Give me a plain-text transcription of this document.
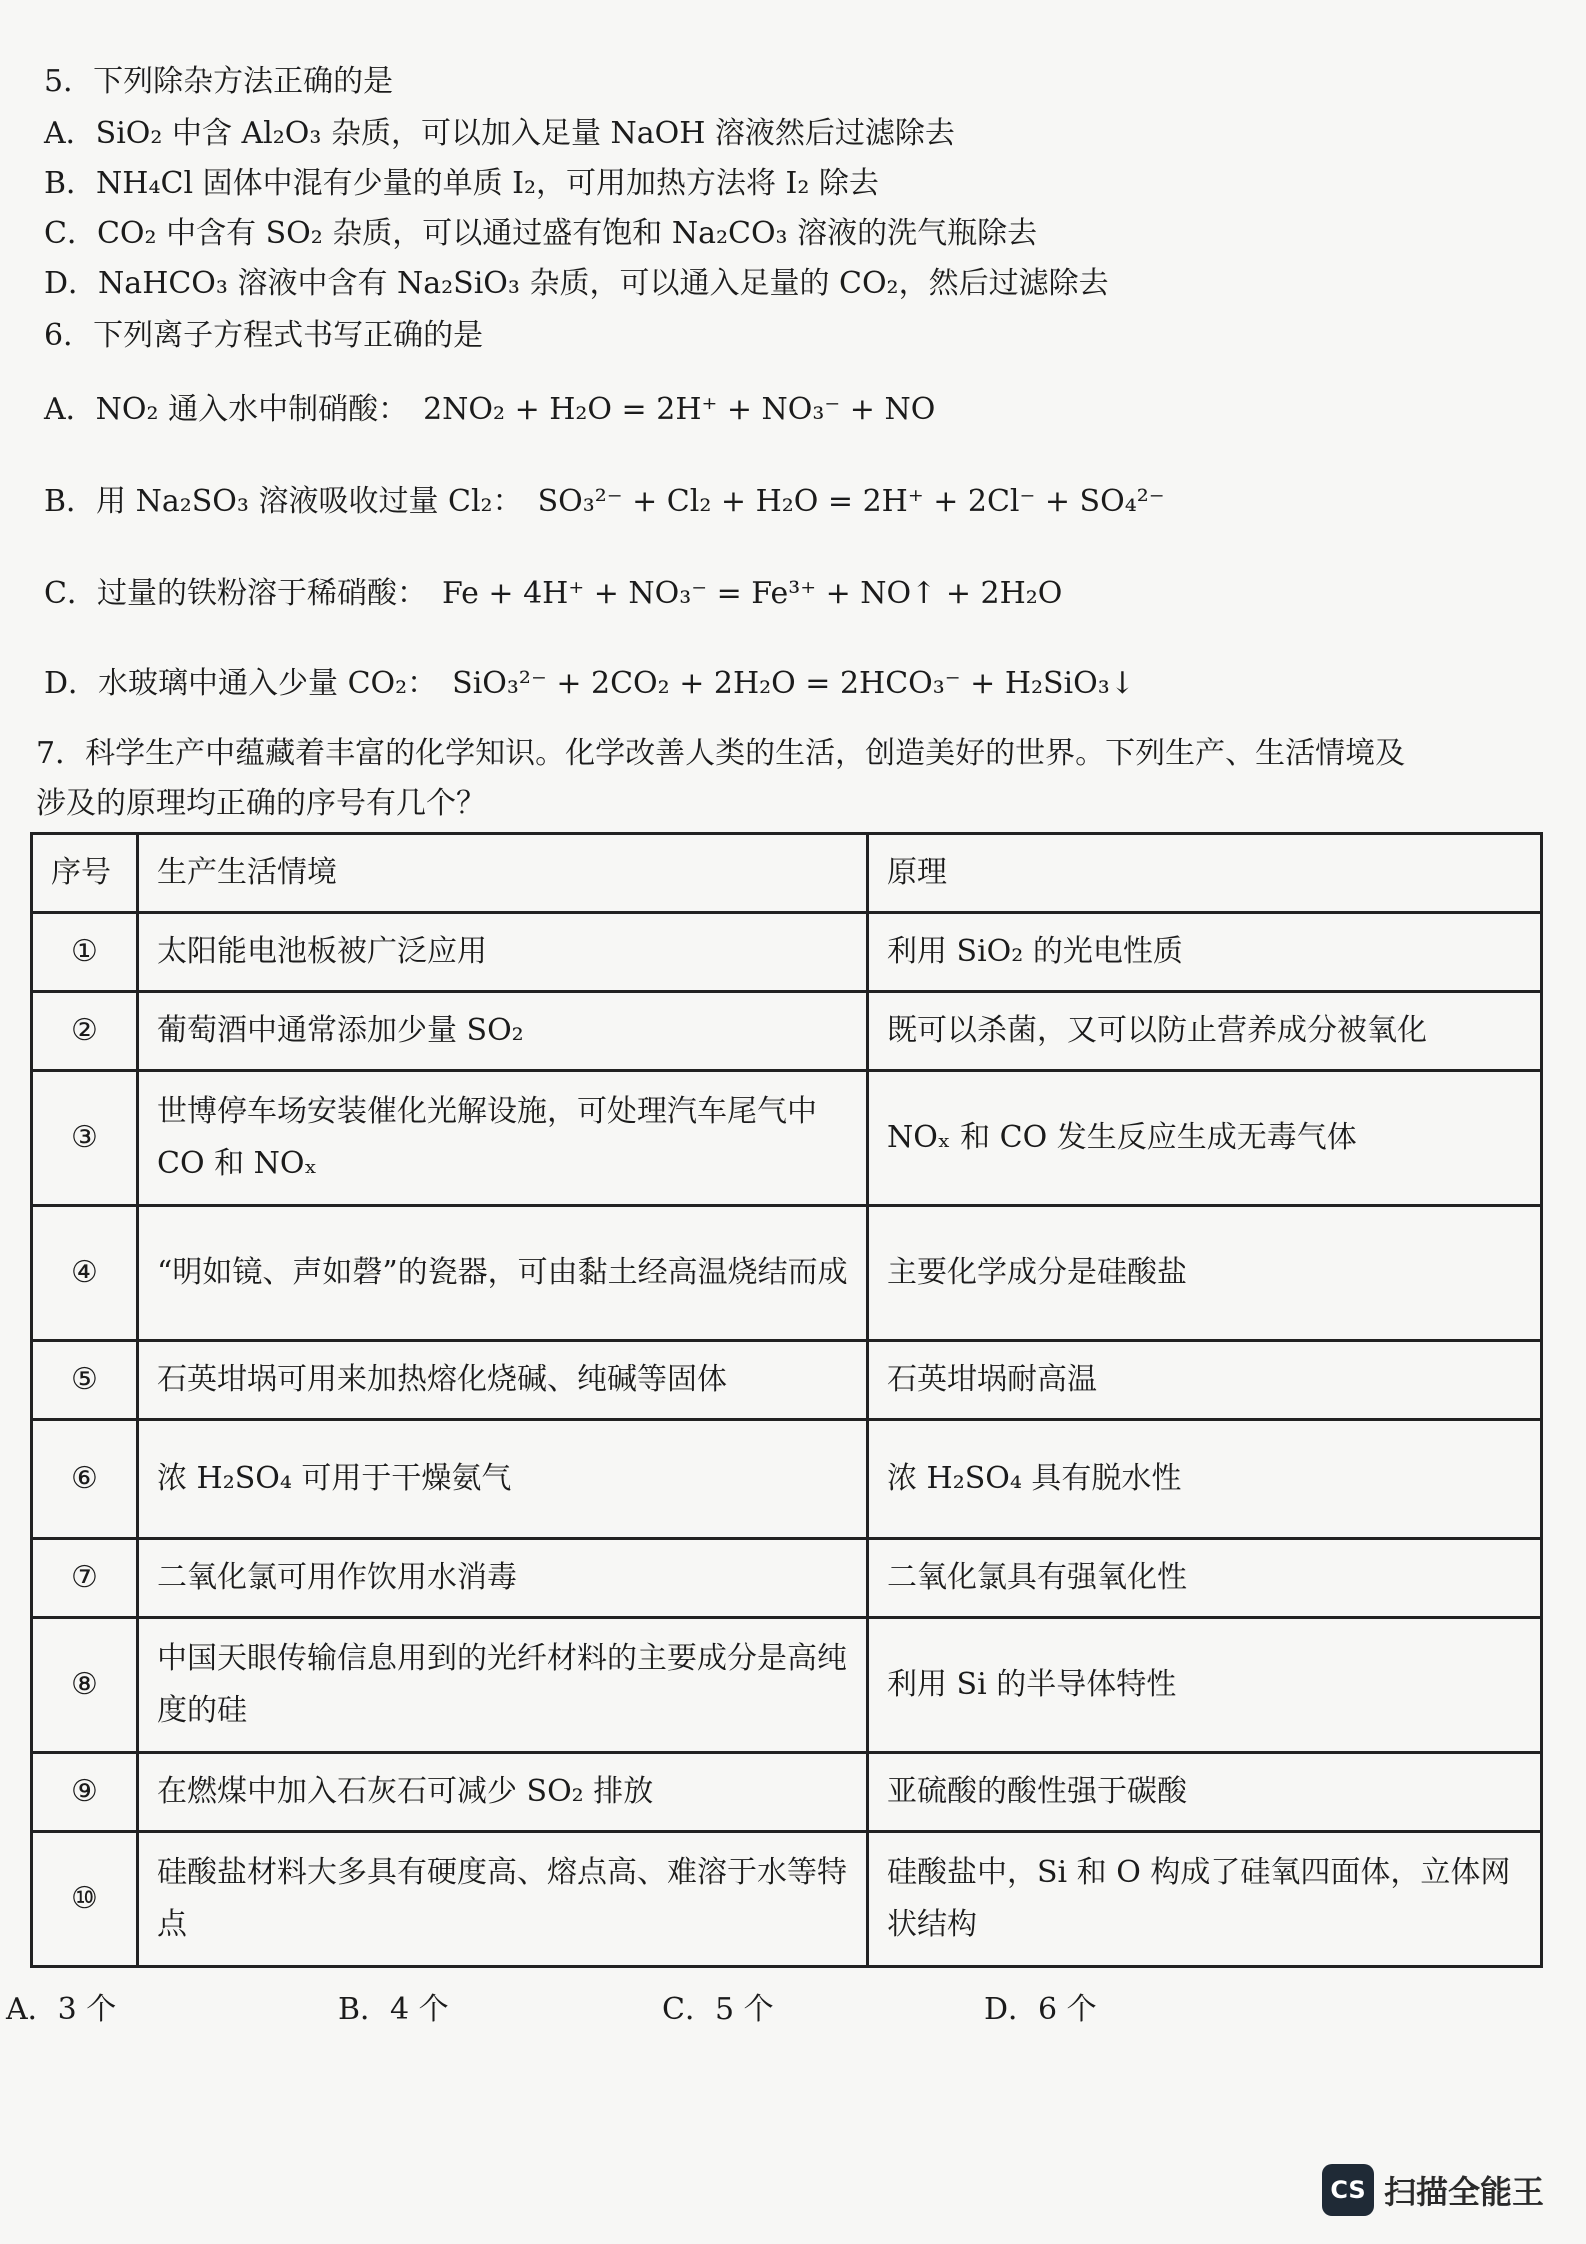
5．下列除杂方法正确的是
A．SiO₂ 中含 Al₂O₃ 杂质，可以加入足量 NaOH 溶液然后过滤除去
B．NH₄Cl 固体中混有少量的单质 I₂，可用加热方法将 I₂ 除去
C．CO₂ 中含有 SO₂ 杂质，可以通过盛有饱和 Na₂CO₃ 溶液的洗气瓶除去
D．NaHCO₃ 溶液中含有 Na₂SiO₃ 杂质，可以通入足量的 CO₂，然后过滤除去
6．下列离子方程式书写正确的是
A．NO₂ 通入水中制硝酸：　2NO₂ + H₂O = 2H⁺ + NO₃⁻ + NO
B．用 Na₂SO₃ 溶液吸收过量 Cl₂：　SO₃²⁻ + Cl₂ + H₂O = 2H⁺ + 2Cl⁻ + SO₄²⁻
C．过量的铁粉溶于稀硝酸：　Fe + 4H⁺ + NO₃⁻ = Fe³⁺ + NO↑ + 2H₂O
D．水玻璃中通入少量 CO₂：　SiO₃²⁻ + 2CO₂ + 2H₂O = 2HCO₃⁻ + H₂SiO₃↓
7．科学生产中蕴藏着丰富的化学知识。化学改善人类的生活，创造美好的世界。下列生产、生活情境及
涉及的原理均正确的序号有几个？
序号	生产生活情境	原理
①	太阳能电池板被广泛应用	利用 SiO₂ 的光电性质
②	葡萄酒中通常添加少量 SO₂	既可以杀菌，又可以防止营养成分被氧化
③	世博停车场安装催化光解设施，可处理汽车尾气中 CO 和 NOₓ	NOₓ 和 CO 发生反应生成无毒气体
④	“明如镜、声如磬”的瓷器，可由黏土经高温烧结而成	主要化学成分是硅酸盐
⑤	石英坩埚可用来加热熔化烧碱、纯碱等固体	石英坩埚耐高温
⑥	浓 H₂SO₄ 可用于干燥氨气	浓 H₂SO₄ 具有脱水性
⑦	二氧化氯可用作饮用水消毒	二氧化氯具有强氧化性
⑧	中国天眼传输信息用到的光纤材料的主要成分是高纯度的硅	利用 Si 的半导体特性
⑨	在燃煤中加入石灰石可减少 SO₂ 排放	亚硫酸的酸性强于碳酸
⑩	硅酸盐材料大多具有硬度高、熔点高、难溶于水等特点	硅酸盐中，Si 和 O 构成了硅氧四面体，立体网状结构
A．3 个	B．4 个	C．5 个	D．6 个
CS 扫描全能王
